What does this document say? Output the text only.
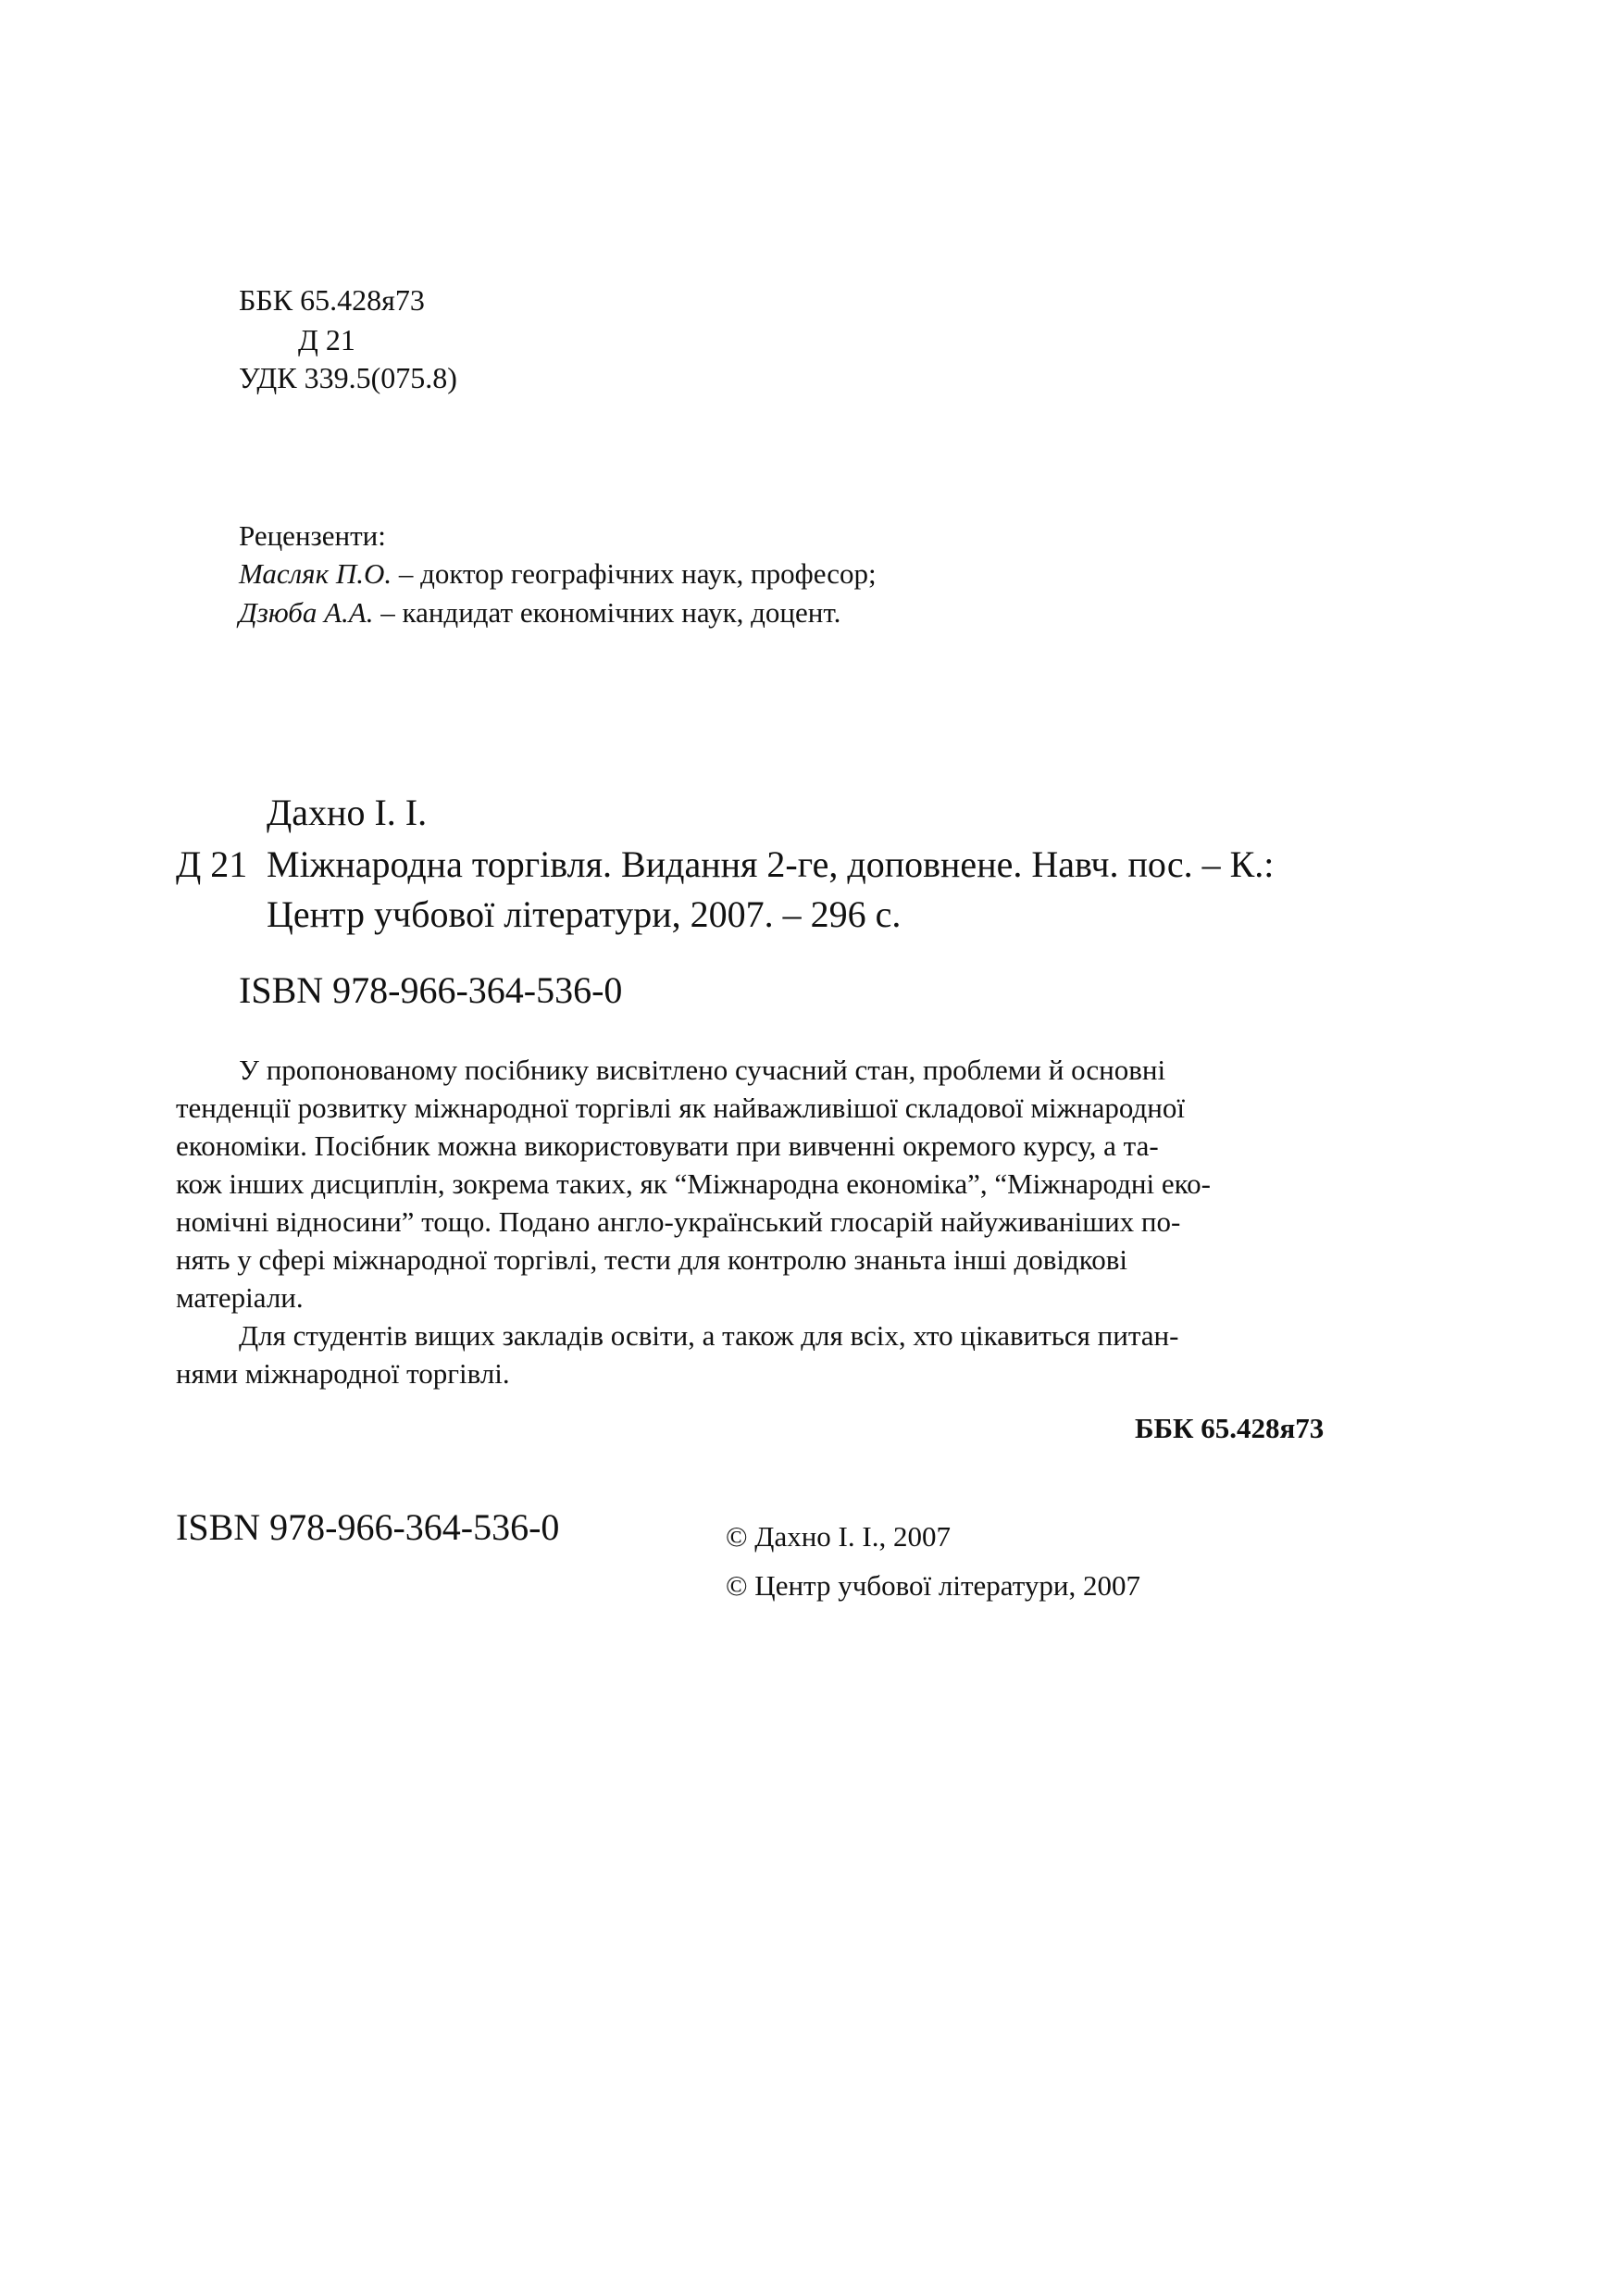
ББК 65.428я73
Д 21
УДК 339.5(075.8)
Рецензенти:
Масляк П.О. – доктор географічних наук, професор;
Дзюба А.А. – кандидат економічних наук, доцент.
Дахно І. І.
Д 21 Міжнародна торгівля. Видання 2-ге, доповнене. Навч. пос. – К.:
Центр учбової літератури, 2007. – 296 с.
ISBN 978-966-364-536-0
У пропонованому посібнику висвітлено сучасний стан, проблеми й основні
тенденції розвитку міжнародної торгівлі як найважливішої складової міжнародної
економіки. Посібник можна використовувати при вивченні окремого курсу, а та-
кож інших дисциплін, зокрема таких, як “Міжнародна економіка”, “Міжнародні еко-
номічні відносини” тощо. Подано англо-український глосарій найуживаніших по-
нять у сфері міжнародної торгівлі, тести для контролю знаньта інші довідкові
матеріали.
Для студентів вищих закладів освіти, а також для всіх, хто цікавиться питан-
нями міжнародної торгівлі.
ББК 65.428я73
ISBN 978-966-364-536-0	© Дахно І. І., 2007
© Центр учбової літератури, 2007
